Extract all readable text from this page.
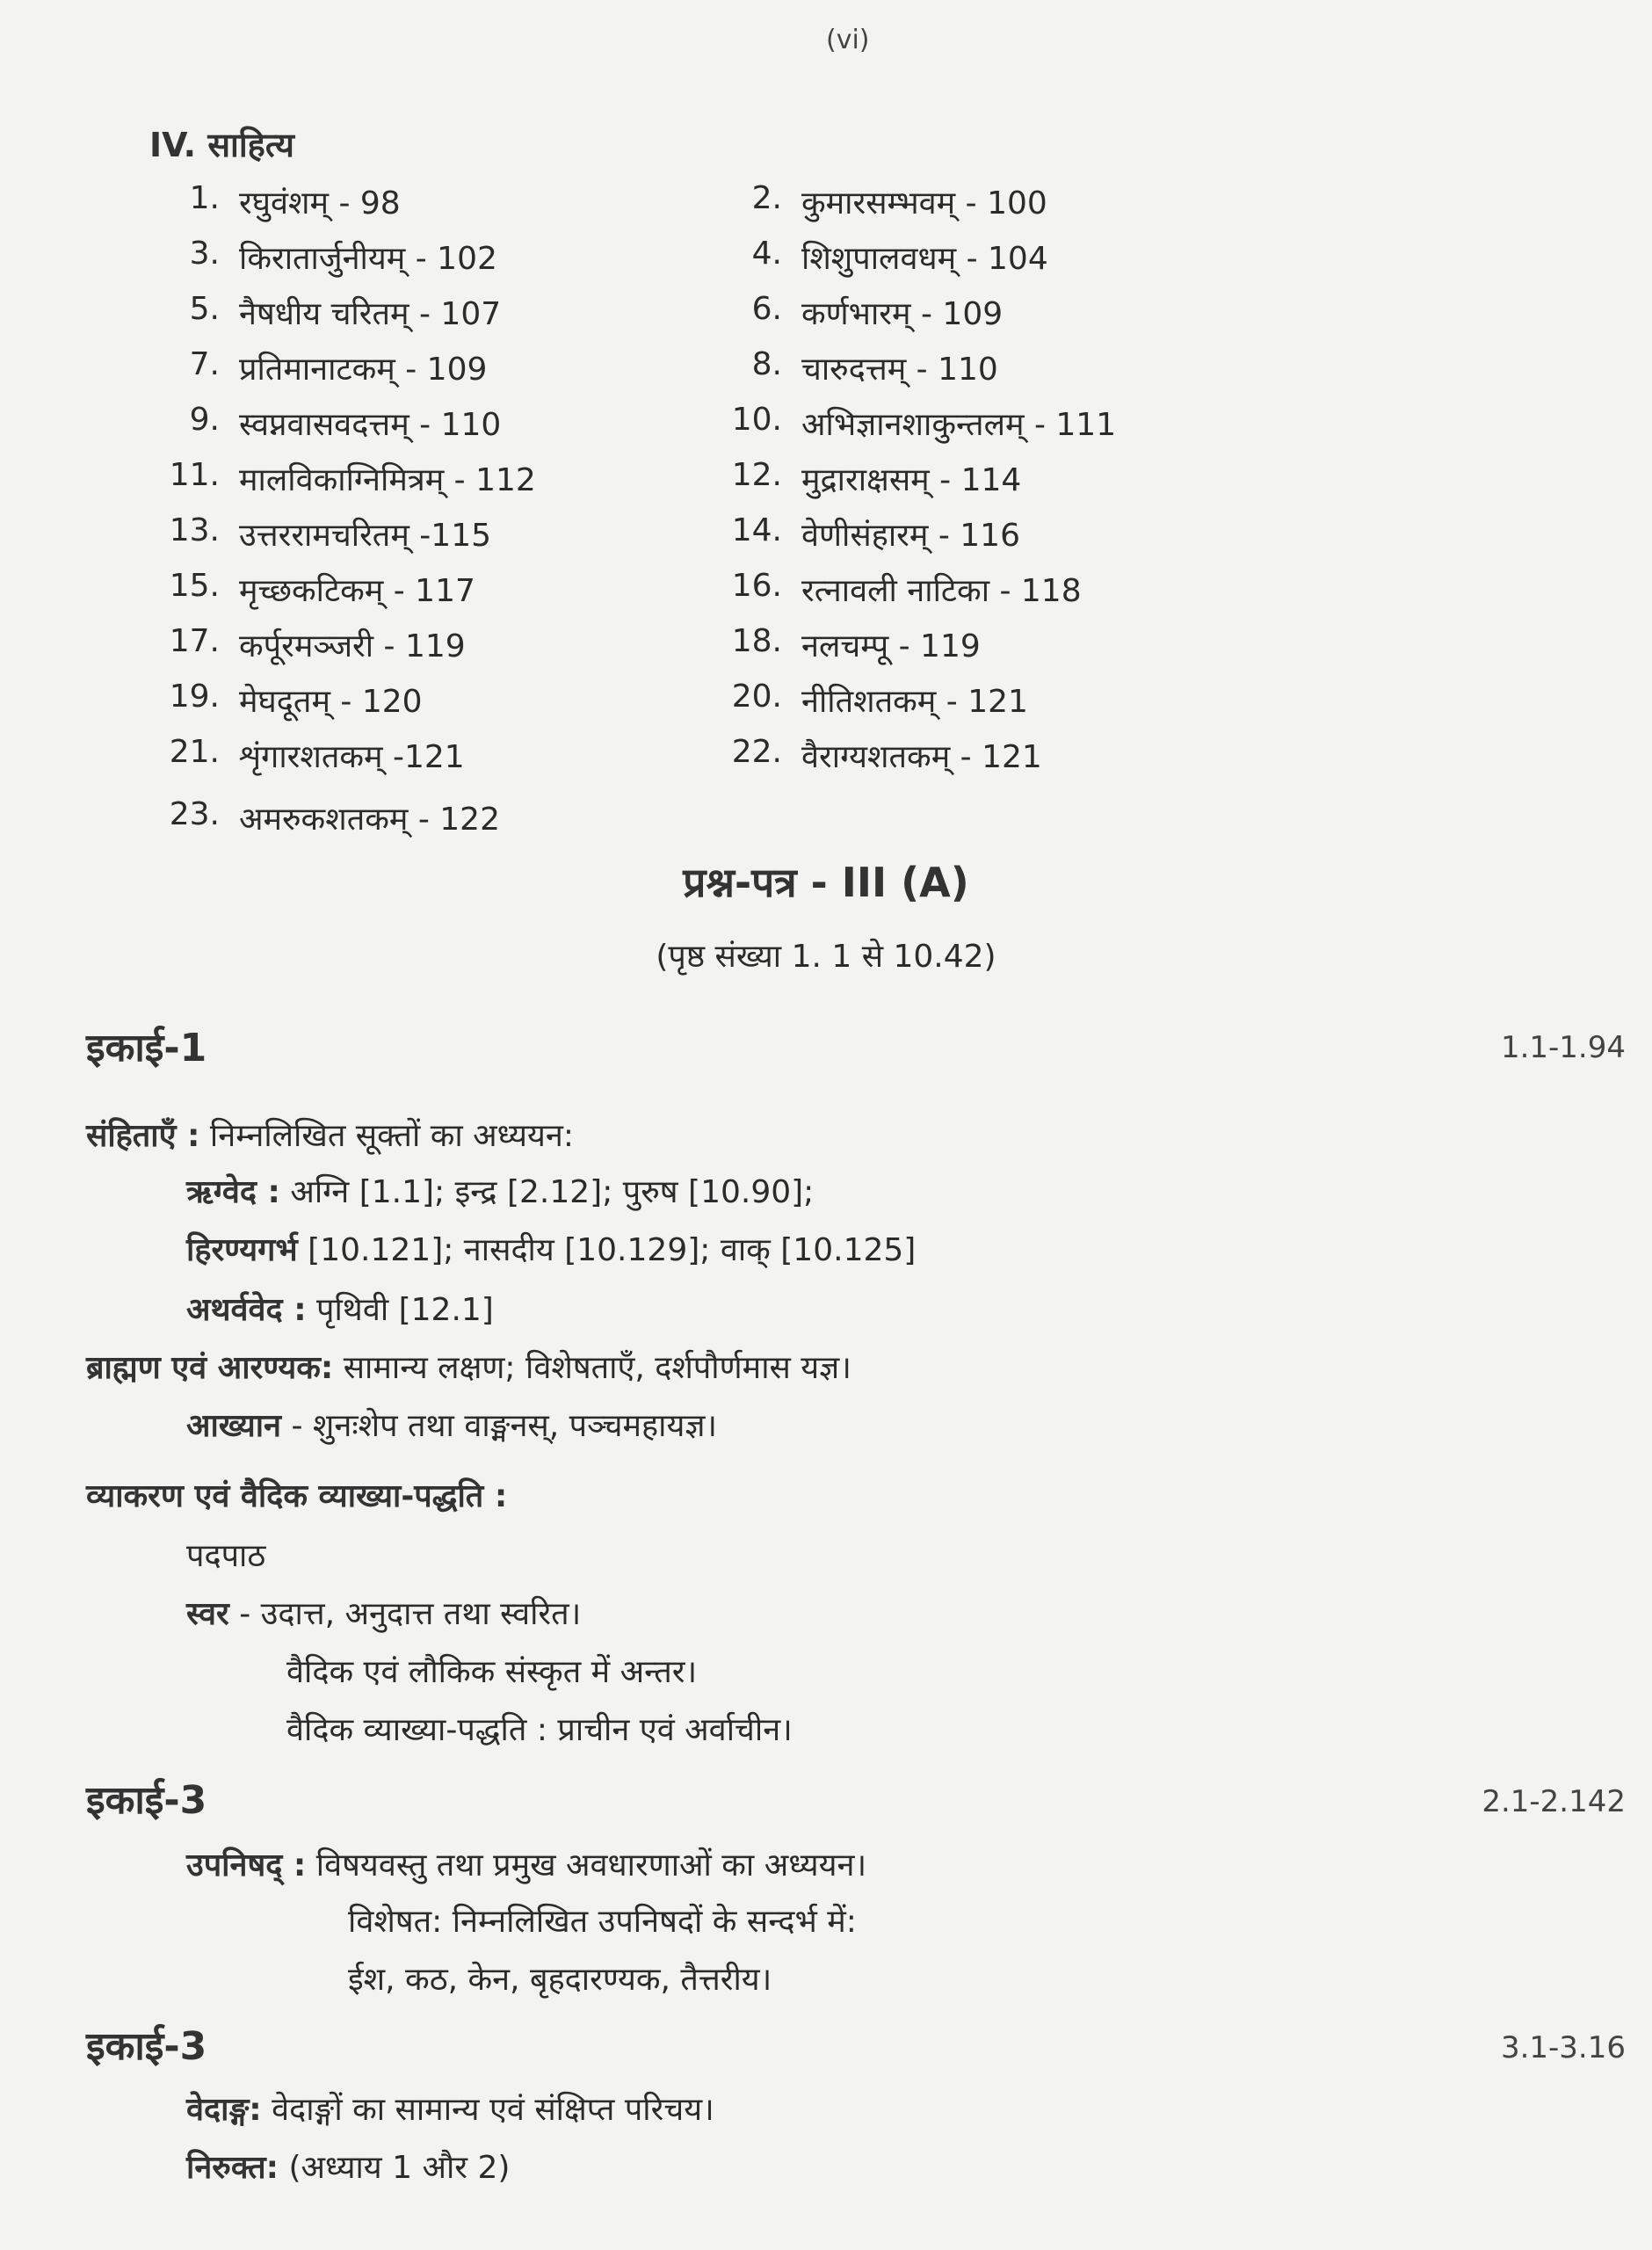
(vi)
IV. साहित्य
1. रघुवंशम् - 98	2. कुमारसम्भवम् - 100
3. किरातार्जुनीयम् - 102	4. शिशुपालवधम् - 104
5. नैषधीय चरितम् - 107	6. कर्णभारम् - 109
7. प्रतिमानाटकम् - 109	8. चारुदत्तम् - 110
9. स्वप्नवासवदत्तम् - 110	10. अभिज्ञानशाकुन्तलम् - 111
11. मालविकाग्निमित्रम् - 112	12. मुद्राराक्षसम् - 114
13. उत्तररामचरितम् -115	14. वेणीसंहारम् - 116
15. मृच्छकटिकम् - 117	16. रत्नावली नाटिका - 118
17. कर्पूरमञ्जरी - 119	18. नलचम्पू - 119
19. मेघदूतम् - 120	20. नीतिशतकम् - 121
21. शृंगारशतकम् -121	22. वैराग्यशतकम् - 121
23. अमरुकशतकम् - 122
प्रश्न-पत्र - III (A)
(पृष्ठ संख्या 1. 1 से 10.42)
इकाई-1	1.1-1.94
संहिताएँ : निम्नलिखित सूक्तों का अध्ययन:
ऋग्वेद : अग्नि [1.1]; इन्द्र [2.12]; पुरुष [10.90];
हिरण्यगर्भ [10.121]; नासदीय [10.129]; वाक् [10.125]
अथर्ववेद : पृथिवी [12.1]
ब्राह्मण एवं आरण्यक: सामान्य लक्षण; विशेषताएँ, दर्शपौर्णमास यज्ञ।
आख्यान - शुनःशेप तथा वाङ्मनस्, पञ्चमहायज्ञ।
व्याकरण एवं वैदिक व्याख्या-पद्धति :
पदपाठ
स्वर - उदात्त, अनुदात्त तथा स्वरित।
वैदिक एवं लौकिक संस्कृत में अन्तर।
वैदिक व्याख्या-पद्धति : प्राचीन एवं अर्वाचीन।
इकाई-3	2.1-2.142
उपनिषद् : विषयवस्तु तथा प्रमुख अवधारणाओं का अध्ययन।
विशेषत: निम्नलिखित उपनिषदों के सन्दर्भ में:
ईश, कठ, केन, बृहदारण्यक, तैत्तरीय।
इकाई-3	3.1-3.16
वेदाङ्ग: वेदाङ्गों का सामान्य एवं संक्षिप्त परिचय।
निरुक्त: (अध्याय 1 और 2)
